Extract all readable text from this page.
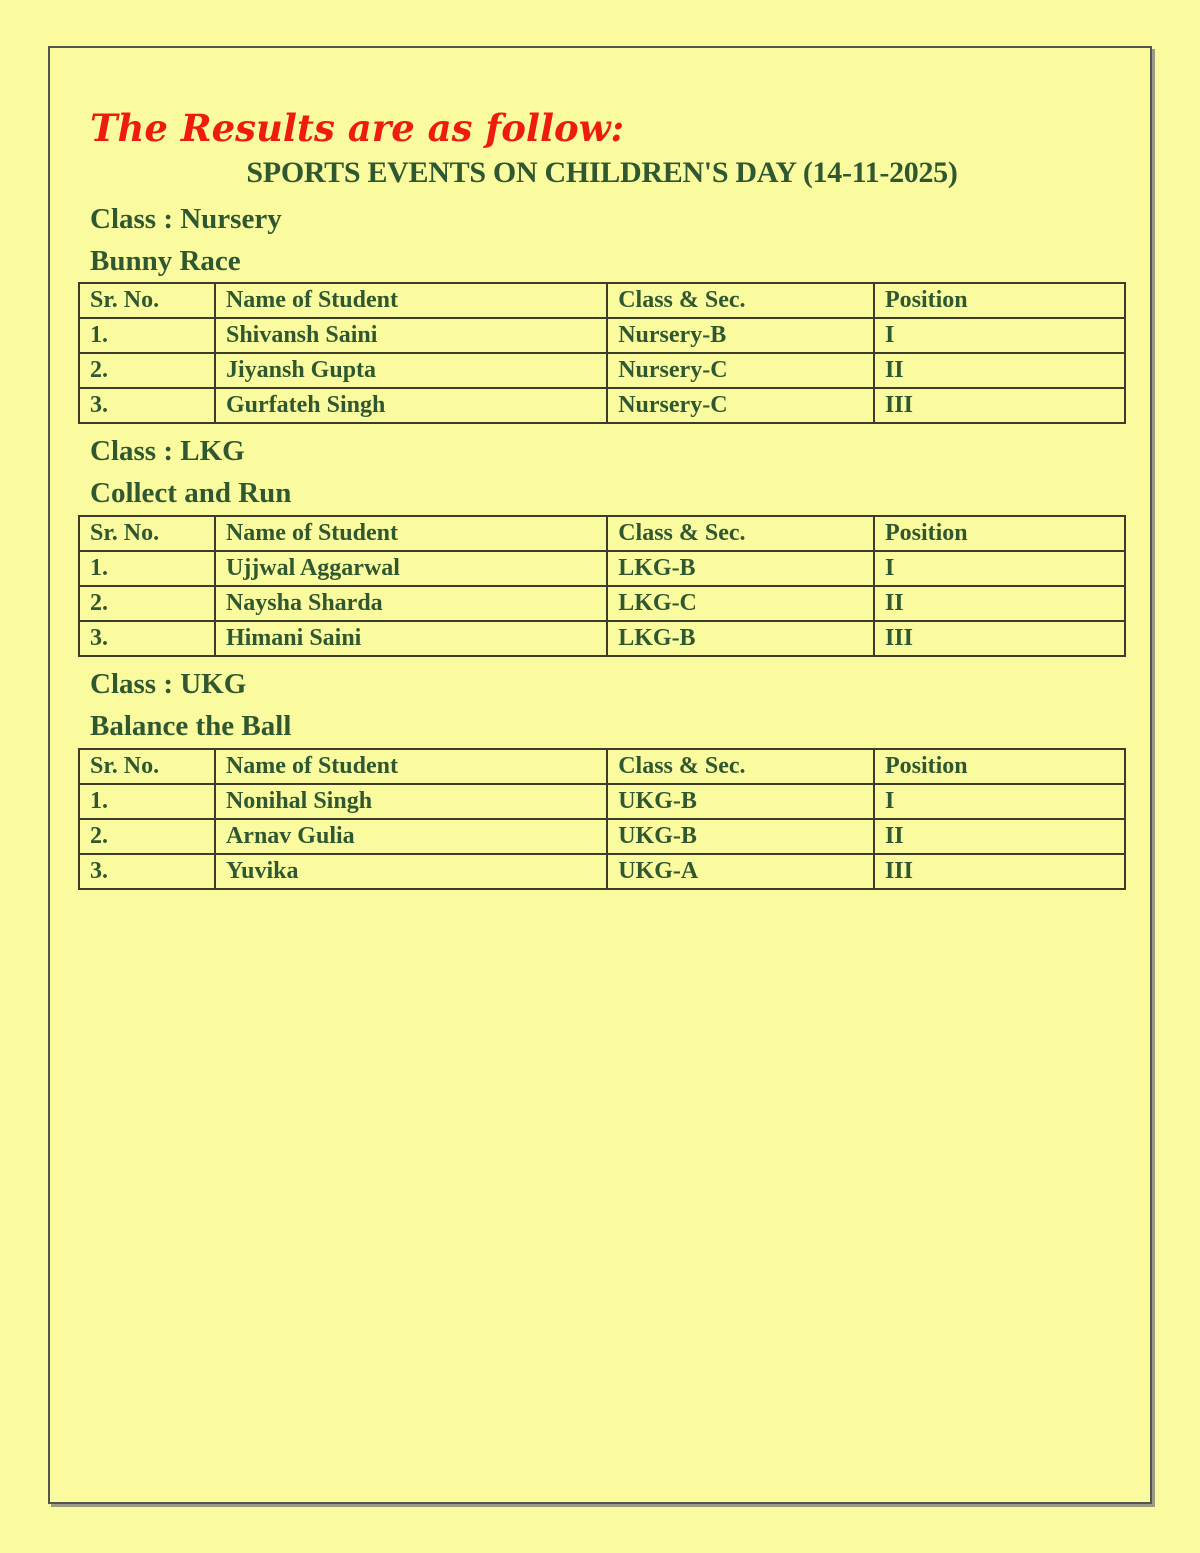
The Results are as follow:
SPORTS EVENTS ON CHILDREN'S DAY (14-11-2025)
Class : Nursery
Bunny Race
Sr. No.	Name of Student	Class & Sec.	Position
1.	Shivansh Saini	Nursery-B	I
2.	Jiyansh Gupta	Nursery-C	II
3.	Gurfateh Singh	Nursery-C	III
Class : LKG
Collect and Run
Sr. No.	Name of Student	Class & Sec.	Position
1.	Ujjwal Aggarwal	LKG-B	I
2.	Naysha Sharda	LKG-C	II
3.	Himani Saini	LKG-B	III
Class : UKG
Balance the Ball
Sr. No.	Name of Student	Class & Sec.	Position
1.	Nonihal Singh	UKG-B	I
2.	Arnav Gulia	UKG-B	II
3.	Yuvika	UKG-A	III
